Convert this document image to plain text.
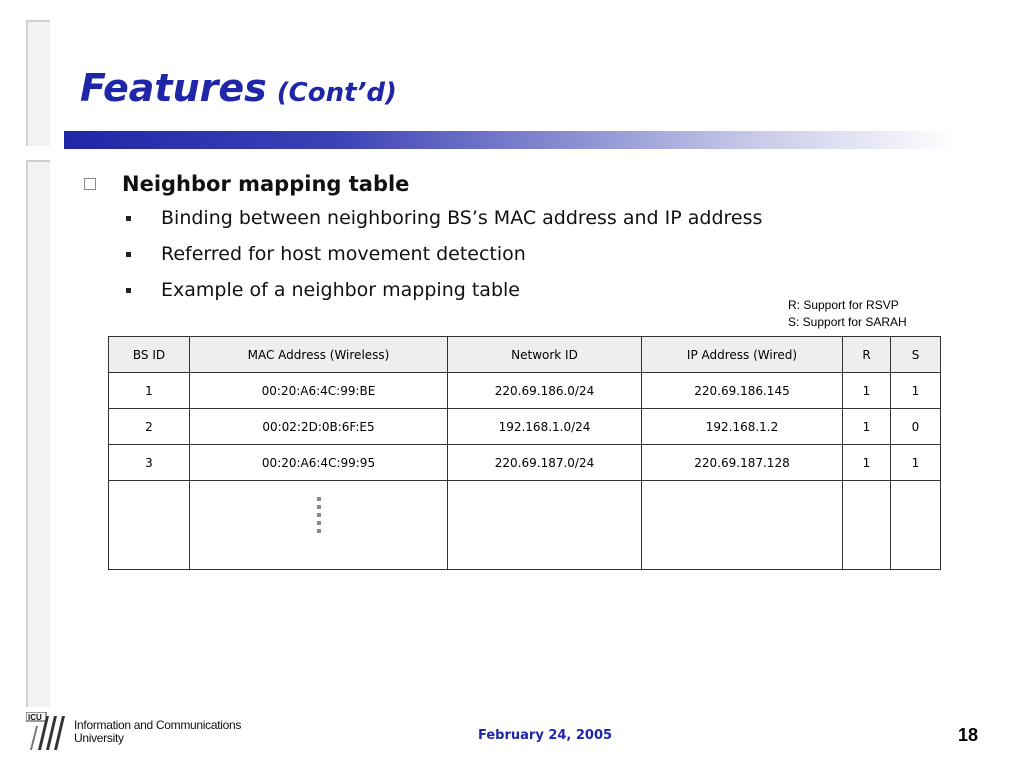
Features (Cont’d)
Neighbor mapping table
Binding between neighboring BS’s MAC address and IP address
Referred for host movement detection
Example of a neighbor mapping table
R: Support for RSVP
S: Support for SARAH
BS ID	MAC Address (Wireless)	Network ID	IP Address (Wired)	R	S
1	00:20:A6:4C:99:BE	220.69.186.0/24	220.69.186.145	1	1
2	00:02:2D:0B:6F:E5	192.168.1.0/24	192.168.1.2	1	0
3	00:20:A6:4C:99:95	220.69.187.0/24	220.69.187.128	1	1

ICU
Information and Communications
University	February 24, 2005	18
